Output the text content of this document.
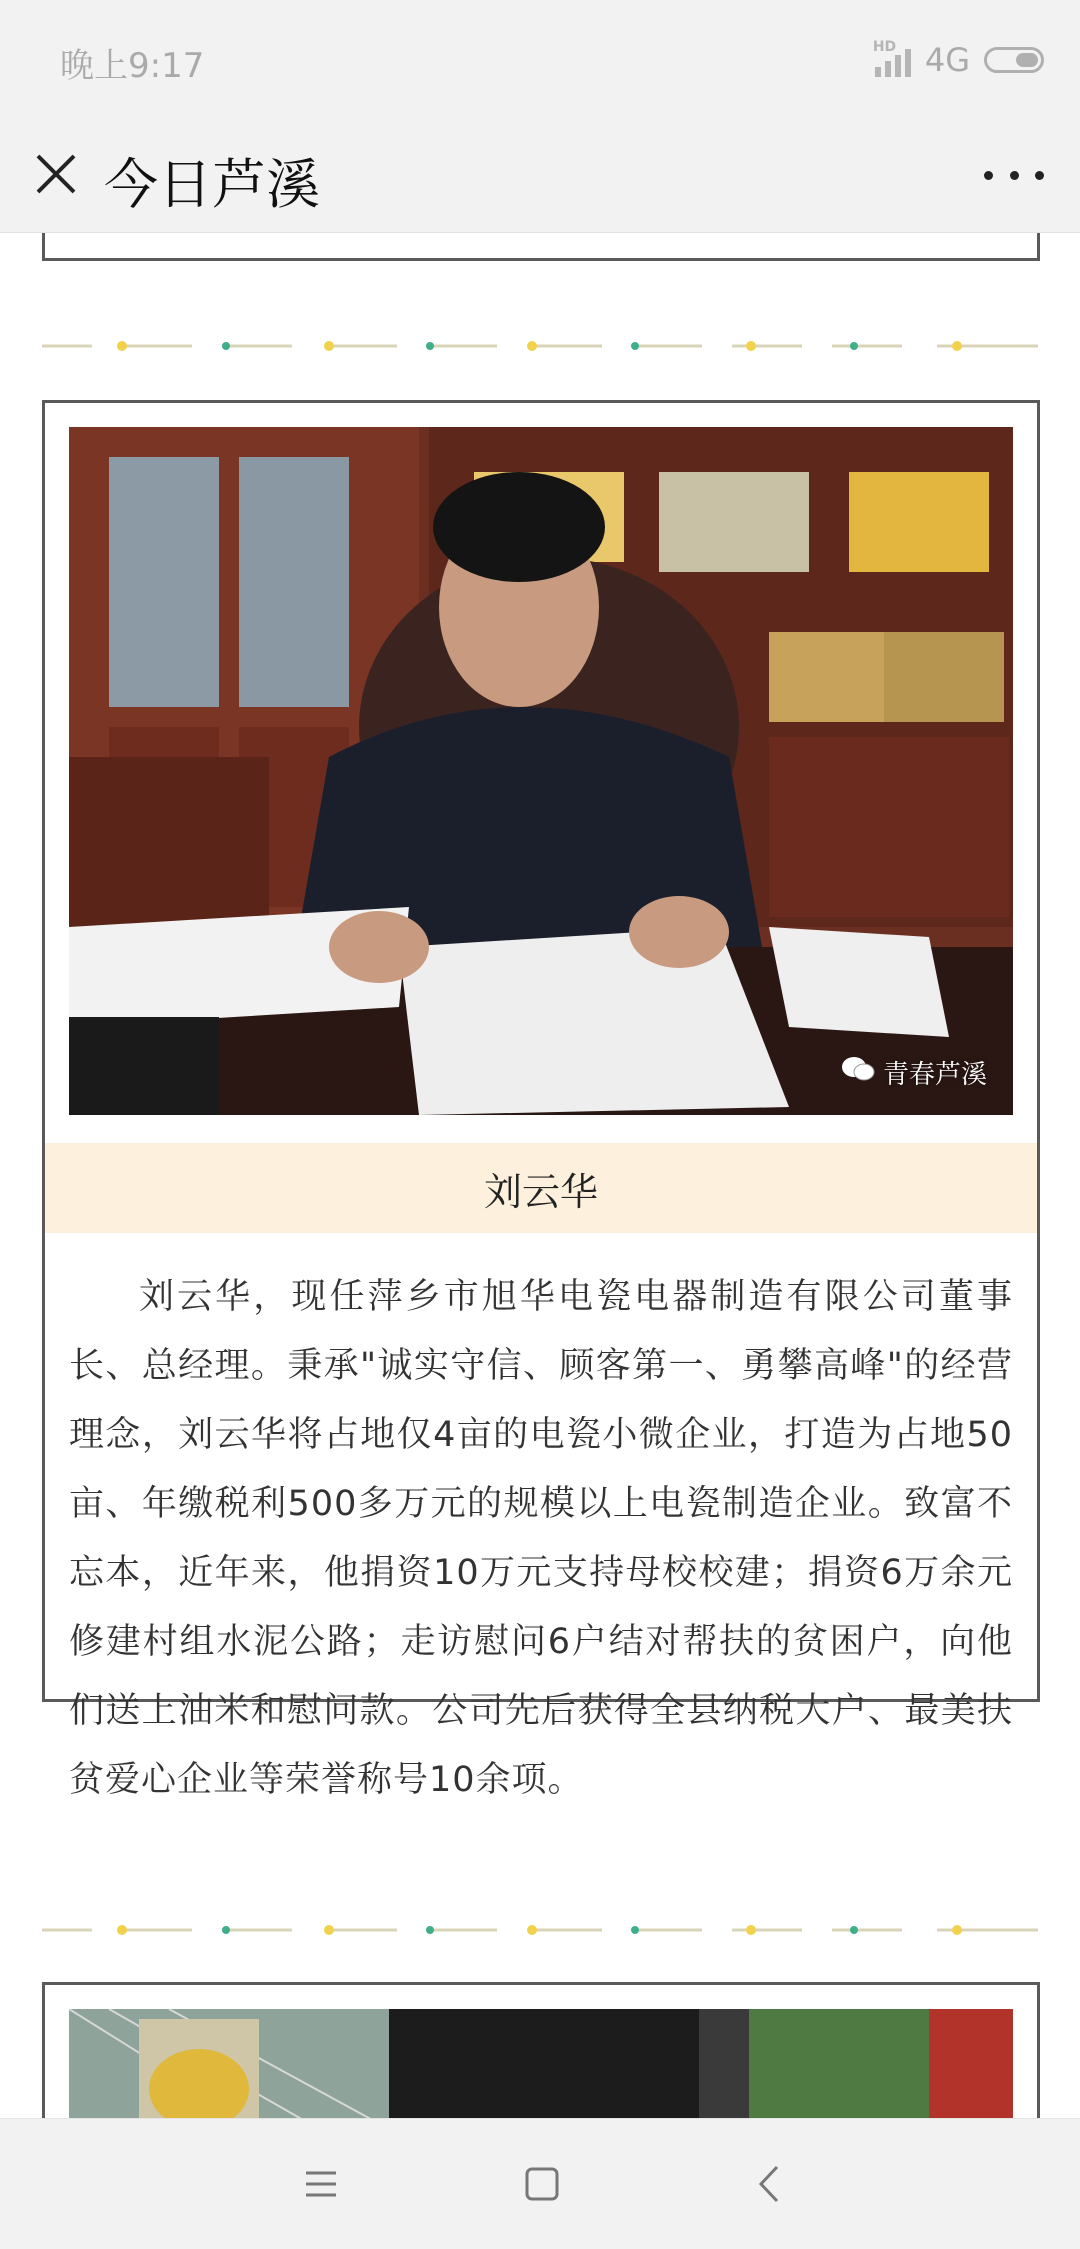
晚上9:17	HD 4G
今日芦溪
青春芦溪
刘云华
刘云华，现任萍乡市旭华电瓷电器制造有限公司董事长、总经理。秉承"诚实守信、顾客第一、勇攀高峰"的经营理念，刘云华将占地仅4亩的电瓷小微企业，打造为占地50亩、年缴税利500多万元的规模以上电瓷制造企业。致富不忘本，近年来，他捐资10万元支持母校校建；捐资6万余元修建村组水泥公路；走访慰问6户结对帮扶的贫困户，向他们送上油米和慰问款。公司先后获得全县纳税大户、最美扶贫爱心企业等荣誉称号10余项。
